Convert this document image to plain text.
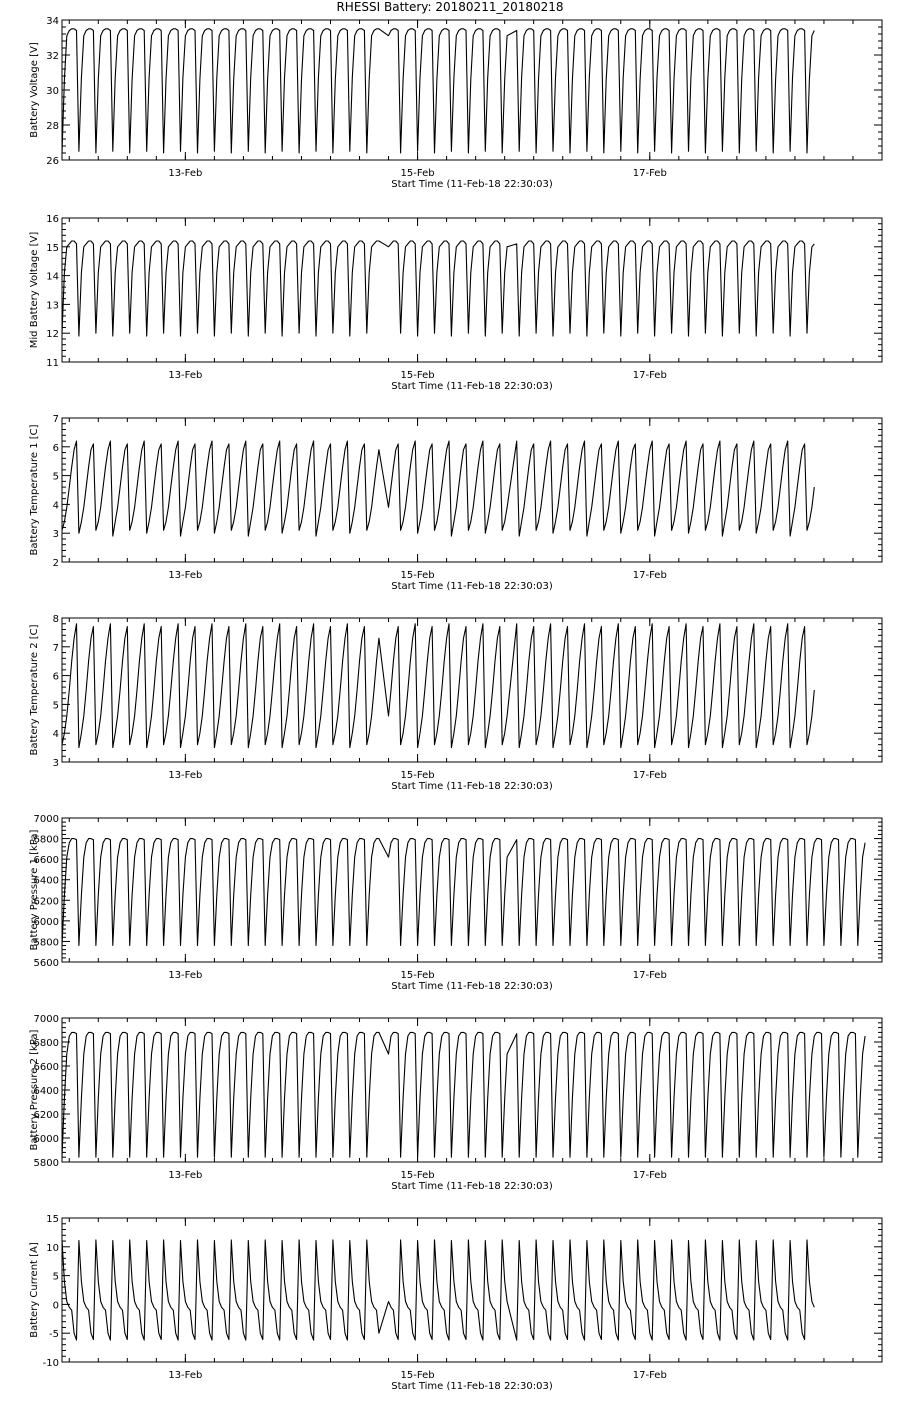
RHESSI Battery: 20180211_20180218
26
28
30
32
34
13-Feb	15-Feb	17-Feb
Start Time (11-Feb-18 22:30:03)
Battery Voltage [V]
11
12
13
14
15
16
13-Feb	15-Feb	17-Feb
Start Time (11-Feb-18 22:30:03)
Mid Battery Voltage [V]
2
3
4
5
6
7
13-Feb	15-Feb	17-Feb
Start Time (11-Feb-18 22:30:03)
Battery Temperature 1 [C]
3
4
5
6
7
8
13-Feb	15-Feb	17-Feb
Start Time (11-Feb-18 22:30:03)
Battery Temperature 2 [C]
5600
5800
6000
6200
6400
6600
6800
7000
13-Feb	15-Feb	17-Feb
Start Time (11-Feb-18 22:30:03)
Battery Pressure 1 [kPa]
5800
6000
6200
6400
6600
6800
7000
13-Feb	15-Feb	17-Feb
Start Time (11-Feb-18 22:30:03)
Battery Pressure 2 [kPa]
-10
-5
0
5
10
15
13-Feb	15-Feb	17-Feb
Start Time (11-Feb-18 22:30:03)
Battery Current [A]
